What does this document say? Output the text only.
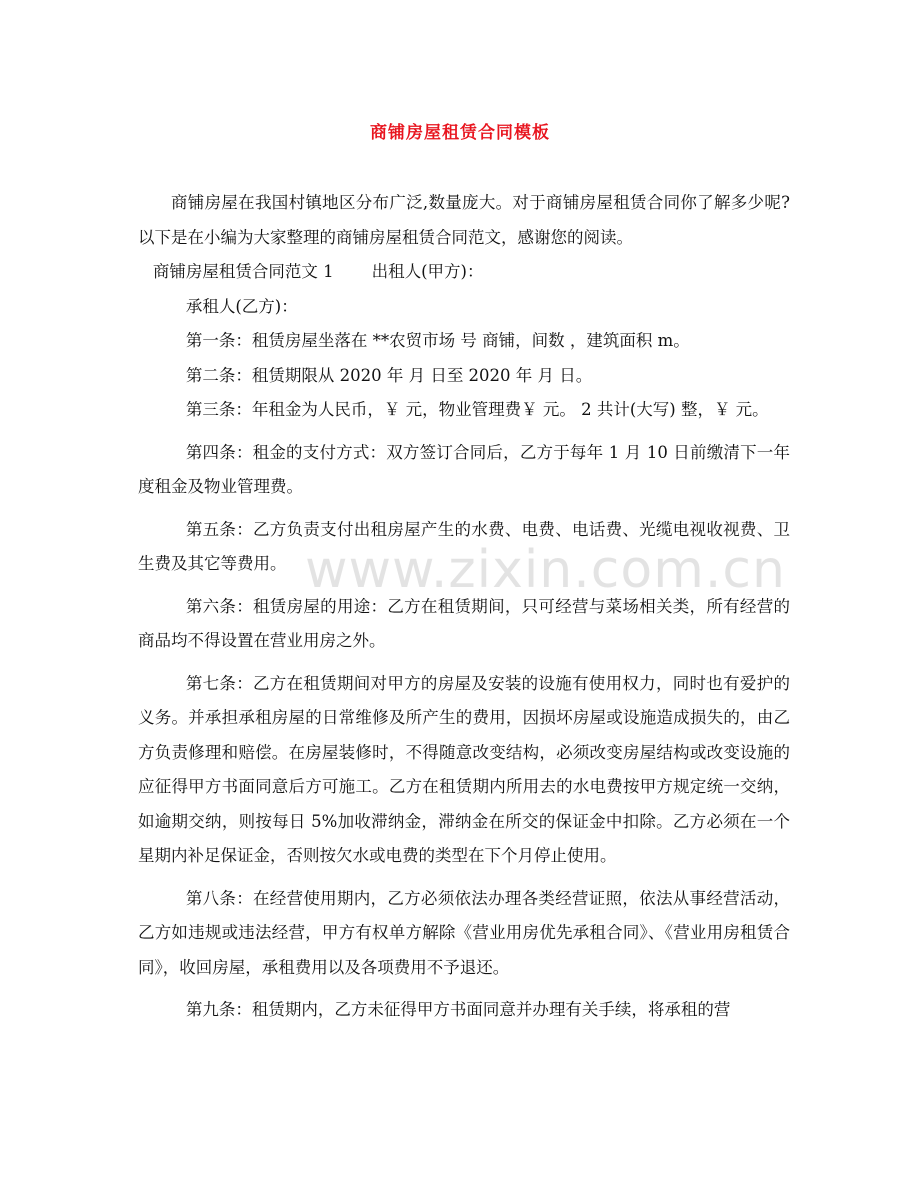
商铺房屋租赁合同模板
www.zixin.com.cn

商铺房屋在我国村镇地区分布广泛,数量庞大。对于商铺房屋租赁合同你了解多少呢?以下是在小编为大家整理的商铺房屋租赁合同范文，感谢您的阅读。

商铺房屋租赁合同范文 1 出租人(甲方)：

承租人(乙方)：

第一条：租赁房屋坐落在 **农贸市场 号 商铺，间数 ，建筑面积 m。

第二条：租赁期限从 2020 年 月 日至 2020 年 月 日。

第三条：年租金为人民币，￥ 元，物业管理费￥ 元。 2 共计(大写) 整，￥ 元。

第四条：租金的支付方式：双方签订合同后，乙方于每年 1 月 10 日前缴清下一年度租金及物业管理费。

第五条：乙方负责支付出租房屋产生的水费、电费、电话费、光缆电视收视费、卫生费及其它等费用。

第六条：租赁房屋的用途：乙方在租赁期间，只可经营与菜场相关类，所有经营的商品均不得设置在营业用房之外。

第七条：乙方在租赁期间对甲方的房屋及安装的设施有使用权力，同时也有爱护的义务。并承担承租房屋的日常维修及所产生的费用，因损坏房屋或设施造成损失的，由乙方负责修理和赔偿。在房屋装修时，不得随意改变结构，必须改变房屋结构或改变设施的应征得甲方书面同意后方可施工。乙方在租赁期内所用去的水电费按甲方规定统一交纳，如逾期交纳，则按每日 5%加收滞纳金，滞纳金在所交的保证金中扣除。乙方必须在一个星期内补足保证金，否则按欠水或电费的类型在下个月停止使用。

第八条：在经营使用期内，乙方必须依法办理各类经营证照，依法从事经营活动，乙方如违规或违法经营，甲方有权单方解除《营业用房优先承租合同》、《营业用房租赁合同》，收回房屋，承租费用以及各项费用不予退还。

第九条：租赁期内，乙方未征得甲方书面同意并办理有关手续，将承租的营
